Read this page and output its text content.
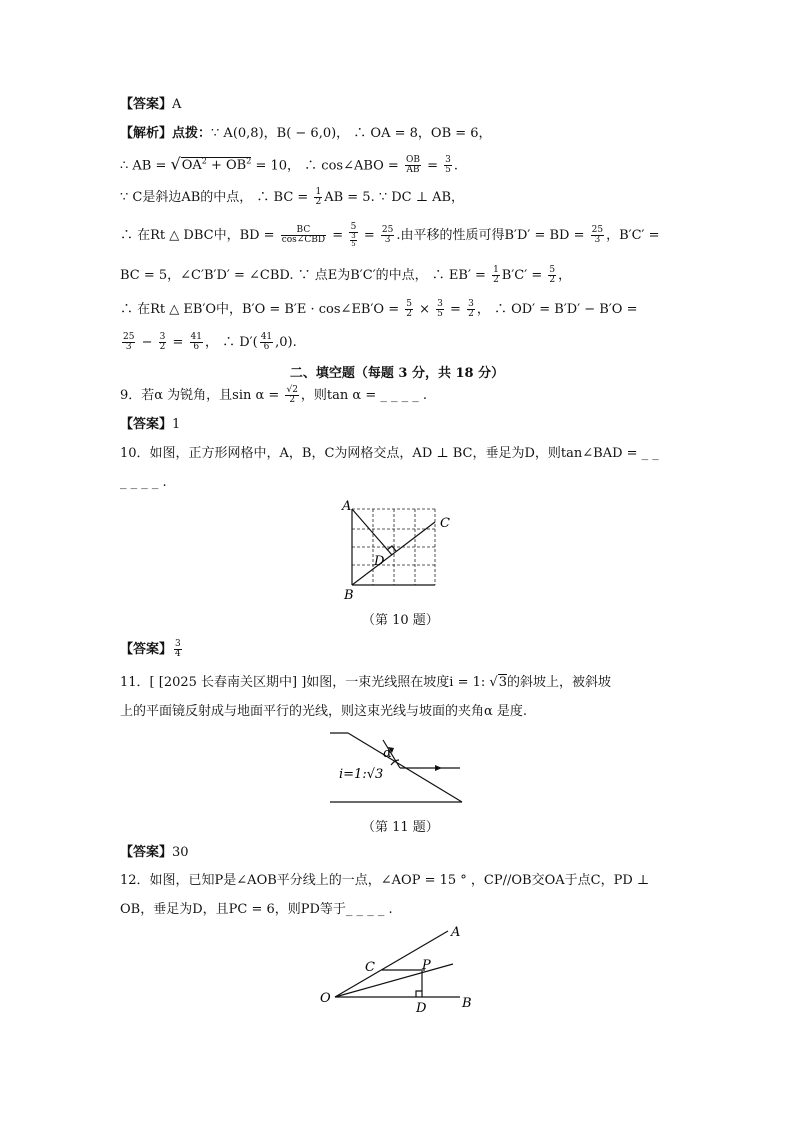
【答案】A
【解析】点拨：∵ A(0,8)，B( − 6,0)， ∴ OA = 8，OB = 6，
∴ AB = $√OA^2 + OB^2 = 10$， ∴ cos∠ABO = $\frac{OB}{AB} = \frac{3}{5}$ .
∵ C是斜边AB的中点， ∴ BC = $\frac{1}{2}$ AB = 5. ∵ DC ⊥ AB，
∴ 在Rt △ DBC中，BD = $\frac{BC}{\text{cos∠CBD}} = \frac{5}{\frac{3}{5}} = \frac{25}{3}$ .由平移的性质可得B′D′ = BD = $\frac{25}{3}$ ，B′C′ =
BC = 5，∠C′B′D′ = ∠CBD. ∵ 点E为B′C′的中点， ∴ $EB' = \frac{1}{2} B'C' = \frac{5}{2}$ ，
∴ 在Rt △ EB′O中，B′O = B′E · cos∠EB′O = $\frac{5}{2} \times \frac{3}{5} = \frac{3}{2}$ ， ∴ OD′ = B′D′ − B′O =
$\frac{25}{3} - \frac{3}{2} = \frac{41}{6}$ ， ∴ $D'( \frac{41}{6} ,0)$.
二、填空题（每题 3 分，共 18 分）
9．若α 为锐角，且$\sin \alpha = \frac{√2}{2}$ ，则tan α = _ _ _ _ .
【答案】1
10．如图，正方形网格中，A，B，C为网格交点，AD ⊥ BC，垂足为D，则tan∠BAD = _ _
_ _ _ _ .
A
B
C
D
（第 10 题）
【答案】 $\frac{3}{4}$
11．[ [2025 长春南关区期中] ]如图，一束光线照在坡度i = 1: √3的斜坡上，被斜坡
上的平面镜反射成与地面平行的光线，则这束光线与坡面的夹角α 是度.
α
i=1:√3
（第 11 题）
【答案】30
12．如图，已知P是∠AOB平分线上的一点，∠AOP = 15 ° ，CP//OB交OA于点C，PD ⊥
OB，垂足为D，且PC = 6，则PD等于_ _ _ _ .
A
B
C
D
O
P
